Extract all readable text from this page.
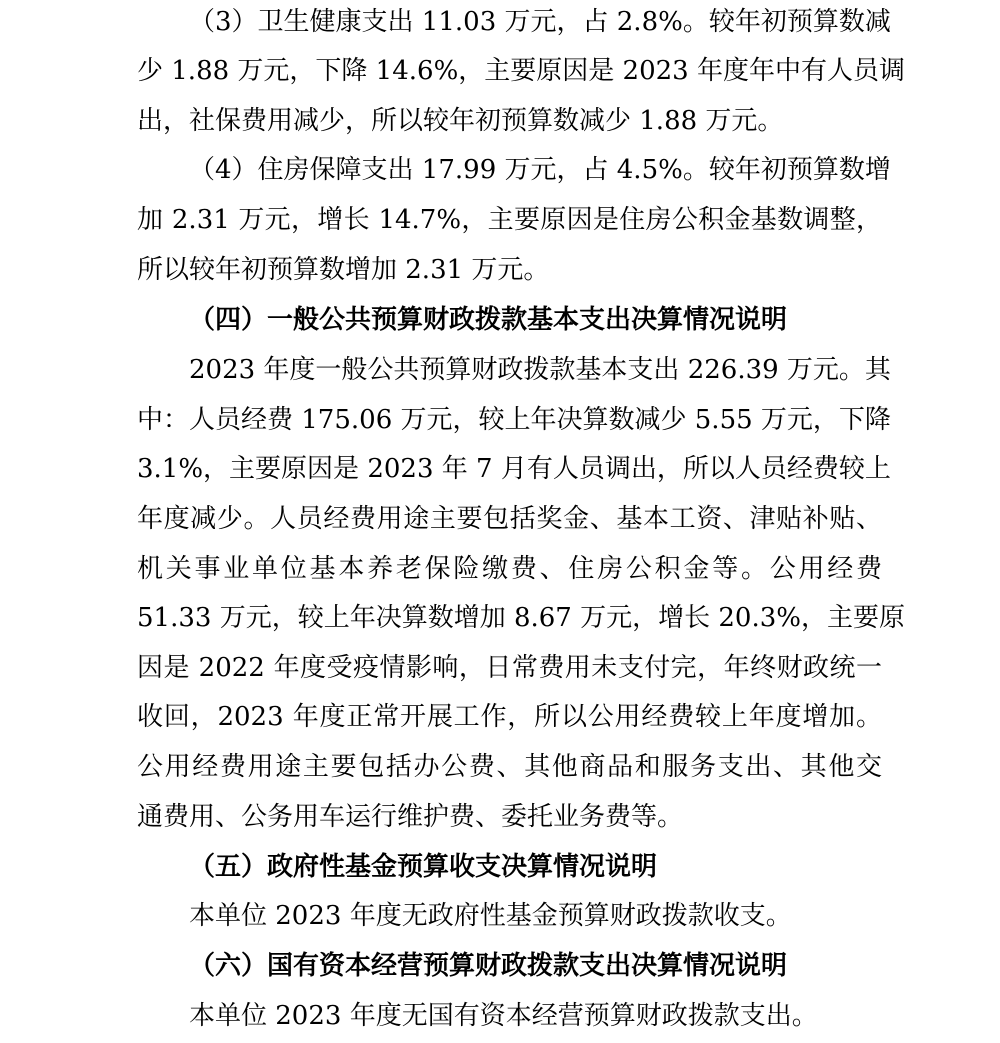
（3）卫生健康支出 11.03 万元，占 2.8%。较年初预算数减
少 1.88 万元，下降 14.6%，主要原因是 2023 年度年中有人员调
出，社保费用减少，所以较年初预算数减少 1.88 万元。
（4）住房保障支出 17.99 万元，占 4.5%。较年初预算数增
加 2.31 万元，增长 14.7%，主要原因是住房公积金基数调整，
所以较年初预算数增加 2.31 万元。
（四）一般公共预算财政拨款基本支出决算情况说明
2023 年度一般公共预算财政拨款基本支出 226.39 万元。其
中：人员经费 175.06 万元，较上年决算数减少 5.55 万元，下降
3.1%，主要原因是 2023 年 7 月有人员调出，所以人员经费较上
年度减少。人员经费用途主要包括奖金、基本工资、津贴补贴、
机关事业单位基本养老保险缴费、住房公积金等。公用经费
51.33 万元，较上年决算数增加 8.67 万元，增长 20.3%，主要原
因是 2022 年度受疫情影响，日常费用未支付完，年终财政统一
收回，2023 年度正常开展工作，所以公用经费较上年度增加。
公用经费用途主要包括办公费、其他商品和服务支出、其他交
通费用、公务用车运行维护费、委托业务费等。
（五）政府性基金预算收支决算情况说明
本单位 2023 年度无政府性基金预算财政拨款收支。
（六）国有资本经营预算财政拨款支出决算情况说明
本单位 2023 年度无国有资本经营预算财政拨款支出。
